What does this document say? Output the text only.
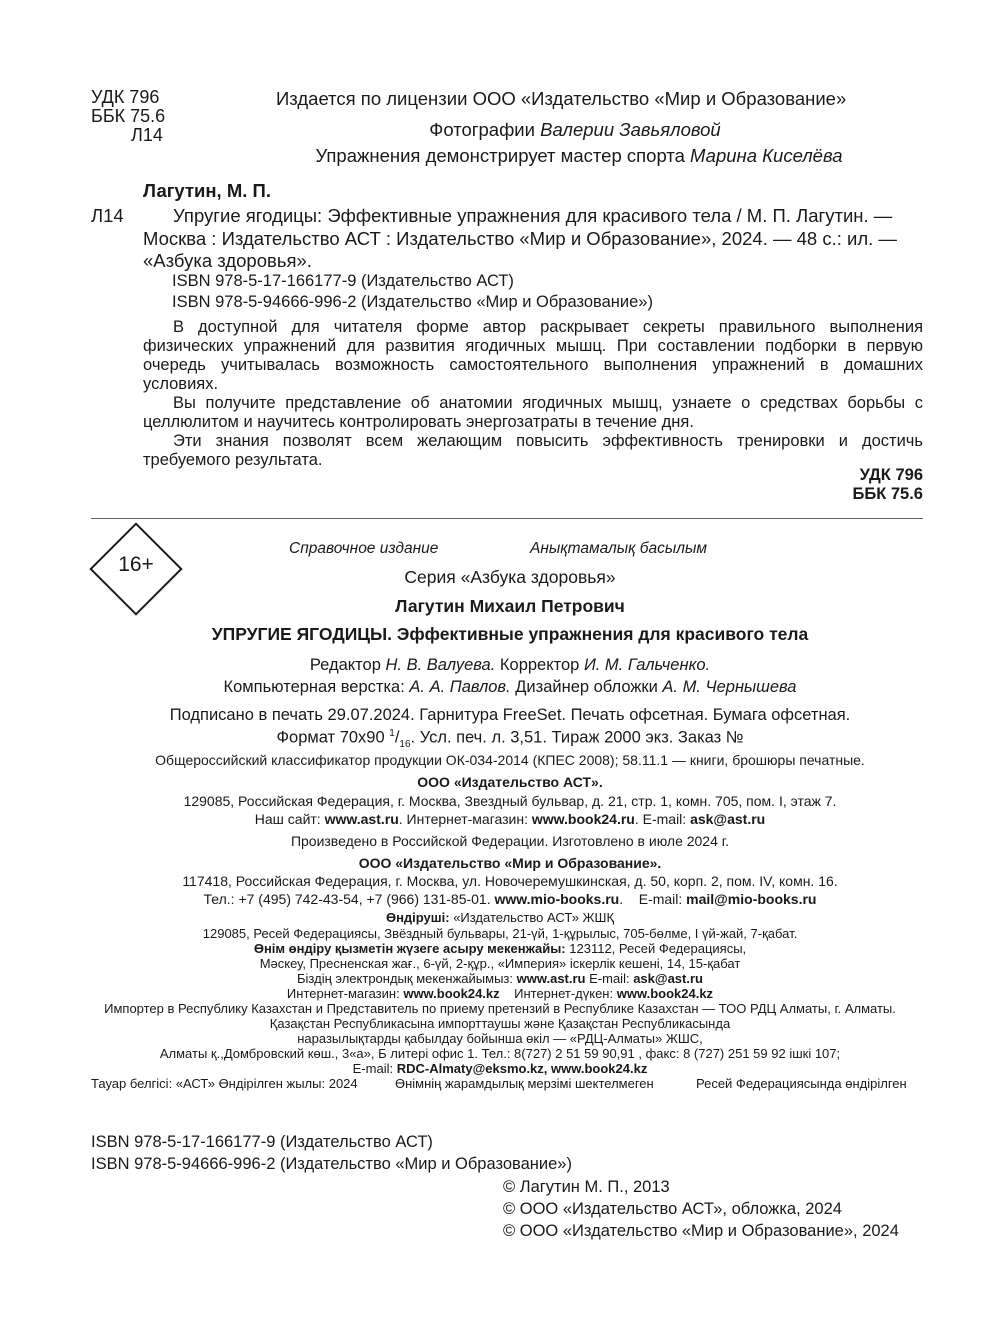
УДК 796
ББК 75.6
Л14
Издается по лицензии ООО «Издательство «Мир и Образование»
Фотографии Валерии Завьяловой
Упражнения демонстрирует мастер спорта Марина Киселёва
Лагутин, М. П.
Л14	Упругие ягодицы: Эффективные упражнения для красивого тела / М. П. Лагутин. — Москва : Издательство АСТ : Издательство «Мир и Образование», 2024. — 48 с.: ил. — «Азбука здоровья».

ISBN 978-5-17-166177-9 (Издательство АСТ)
ISBN 978-5-94666-996-2 (Издательство «Мир и Образование»)

В доступной для читателя форме автор раскрывает секреты правильного выполнения физических упражнений для развития ягодичных мышц. При составлении подборки в первую очередь учитывалась возможность самостоятельного выполнения упражнений в домашних условиях.

Вы получите представление об анатомии ягодичных мышц, узнаете о средствах борьбы с целлюлитом и научитесь контролировать энергозатраты в течение дня.

Эти знания позволят всем желающим повысить эффективность тренировки и достичь требуемого результата.

УДК 796
ББК 75.6
16+
Справочное издание	Анықтамалық басылым
Серия «Азбука здоровья»
Лагутин Михаил Петрович
УПРУГИЕ ЯГОДИЦЫ. Эффективные упражнения для красивого тела
Редактор Н. В. Валуева. Корректор И. М. Гальченко.
Компьютерная верстка: А. А. Павлов. Дизайнер обложки А. М. Чернышева
Подписано в печать 29.07.2024. Гарнитура FreeSet. Печать офсетная. Бумага офсетная.
Формат 70x90 $^1/_{16}$. Усл. печ. л. 3,51. Тираж 2000 экз. Заказ №
Общероссийский классификатор продукции ОК-034-2014 (КПЕС 2008); 58.11.1 — книги, брошюры печатные.
ООО «Издательство АСТ».
129085, Российская Федерация, г. Москва, Звездный бульвар, д. 21, стр. 1, комн. 705, пом. I, этаж 7.
Наш сайт: www.ast.ru. Интернет-магазин: www.book24.ru. E-mail: ask@ast.ru
Произведено в Российской Федерации. Изготовлено в июле 2024 г.
ООО «Издательство «Мир и Образование».
117418, Российская Федерация, г. Москва, ул. Новочеремушкинская, д. 50, корп. 2, пом. IV, комн. 16.
Тел.: +7 (495) 742-43-54, +7 (966) 131-85-01. www.mio-books.ru.    E-mail: mail@mio-books.ru
Өндіруші: «Издательство АСТ» ЖШҚ
129085, Ресей Федерациясы, Звёздный бульвары, 21-үй, 1-құрылыс, 705-бөлме, I үй-жай, 7-қабат.
Өнім өндіру қызметін жүзеге асыру мекенжайы: 123112, Ресей Федерациясы,
Мәскеу, Пресненская жағ., 6-үй, 2-құр., «Империя» іскерлік кешені, 14, 15-қабат
Біздің электрондық мекенжайымыз: www.ast.ru E-mail: ask@ast.ru
Интернет-магазин: www.book24.kz Интернет-дүкен: www.book24.kz
Импортер в Республику Казахстан и Представитель по приему претензий в Республике Казахстан — ТОО РДЦ Алматы, г. Алматы.
Қазақстан Республикасына импорттаушы және Қазақстан Республикасында
наразылықтарды қабылдау бойынша өкіл — «РДЦ-Алматы» ЖШС,
Алматы қ.,Домбровский көш., 3«а», Б литері офис 1. Тел.: 8(727) 2 51 59 90,91 , факс: 8 (727) 251 59 92 ішкі 107;
E-mail: RDC-Almaty@eksmo.kz, www.book24.kz
Тауар белгісі: «АСТ» Өндірілген жылы: 2024	Өнімнің жарамдылық мерзімі шектелмеген	Ресей Федерациясында өндірілген
ISBN 978-5-17-166177-9 (Издательство АСТ)
ISBN 978-5-94666-996-2 (Издательство «Мир и Образование»)
© Лагутин М. П., 2013
© ООО «Издательство АСТ», обложка, 2024
© ООО «Издательство «Мир и Образование», 2024
